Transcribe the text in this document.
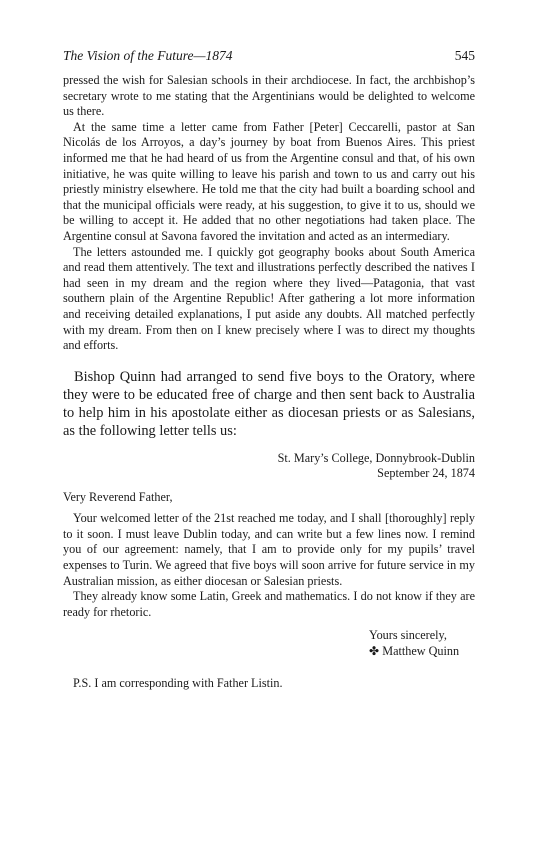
The Vision of the Future—1874	545

pressed the wish for Salesian schools in their archdiocese. In fact, the archbishop’s secretary wrote to me stating that the Argentinians would be delighted to welcome us there.

At the same time a letter came from Father [Peter] Ceccarelli, pastor at San Nicolás de los Arroyos, a day’s journey by boat from Buenos Aires. This priest informed me that he had heard of us from the Argentine consul and that, of his own initiative, he was quite willing to leave his parish and town to us and carry out his priestly ministry elsewhere. He told me that the city had built a boarding school and that the municipal officials were ready, at his suggestion, to give it to us, should we be willing to accept it. He added that no other negotiations had taken place. The Argentine consul at Savona favored the invitation and acted as an intermediary.

The letters astounded me. I quickly got geography books about South America and read them attentively. The text and illustrations perfectly described the natives I had seen in my dream and the region where they lived—Patagonia, that vast southern plain of the Argentine Republic! After gathering a lot more information and receiving detailed explanations, I put aside any doubts. All matched perfectly with my dream. From then on I knew precisely where I was to direct my thoughts and efforts.

Bishop Quinn had arranged to send five boys to the Oratory, where they were to be educated free of charge and then sent back to Australia to help him in his apostolate either as diocesan priests or as Salesians, as the following letter tells us:

St. Mary’s College, Donnybrook-Dublin
September 24, 1874
Very Reverend Father,

Your welcomed letter of the 21st reached me today, and I shall [thoroughly] reply to it soon. I must leave Dublin today, and can write but a few lines now. I remind you of our agreement: namely, that I am to provide only for my pupils’ travel expenses to Turin. We agreed that five boys will soon arrive for future service in my Australian mission, as either diocesan or Salesian priests.

They already know some Latin, Greek and mathematics. I do not know if they are ready for rhetoric.

Yours sincerely,
✤ Matthew Quinn
P.S. I am corresponding with Father Listin.
